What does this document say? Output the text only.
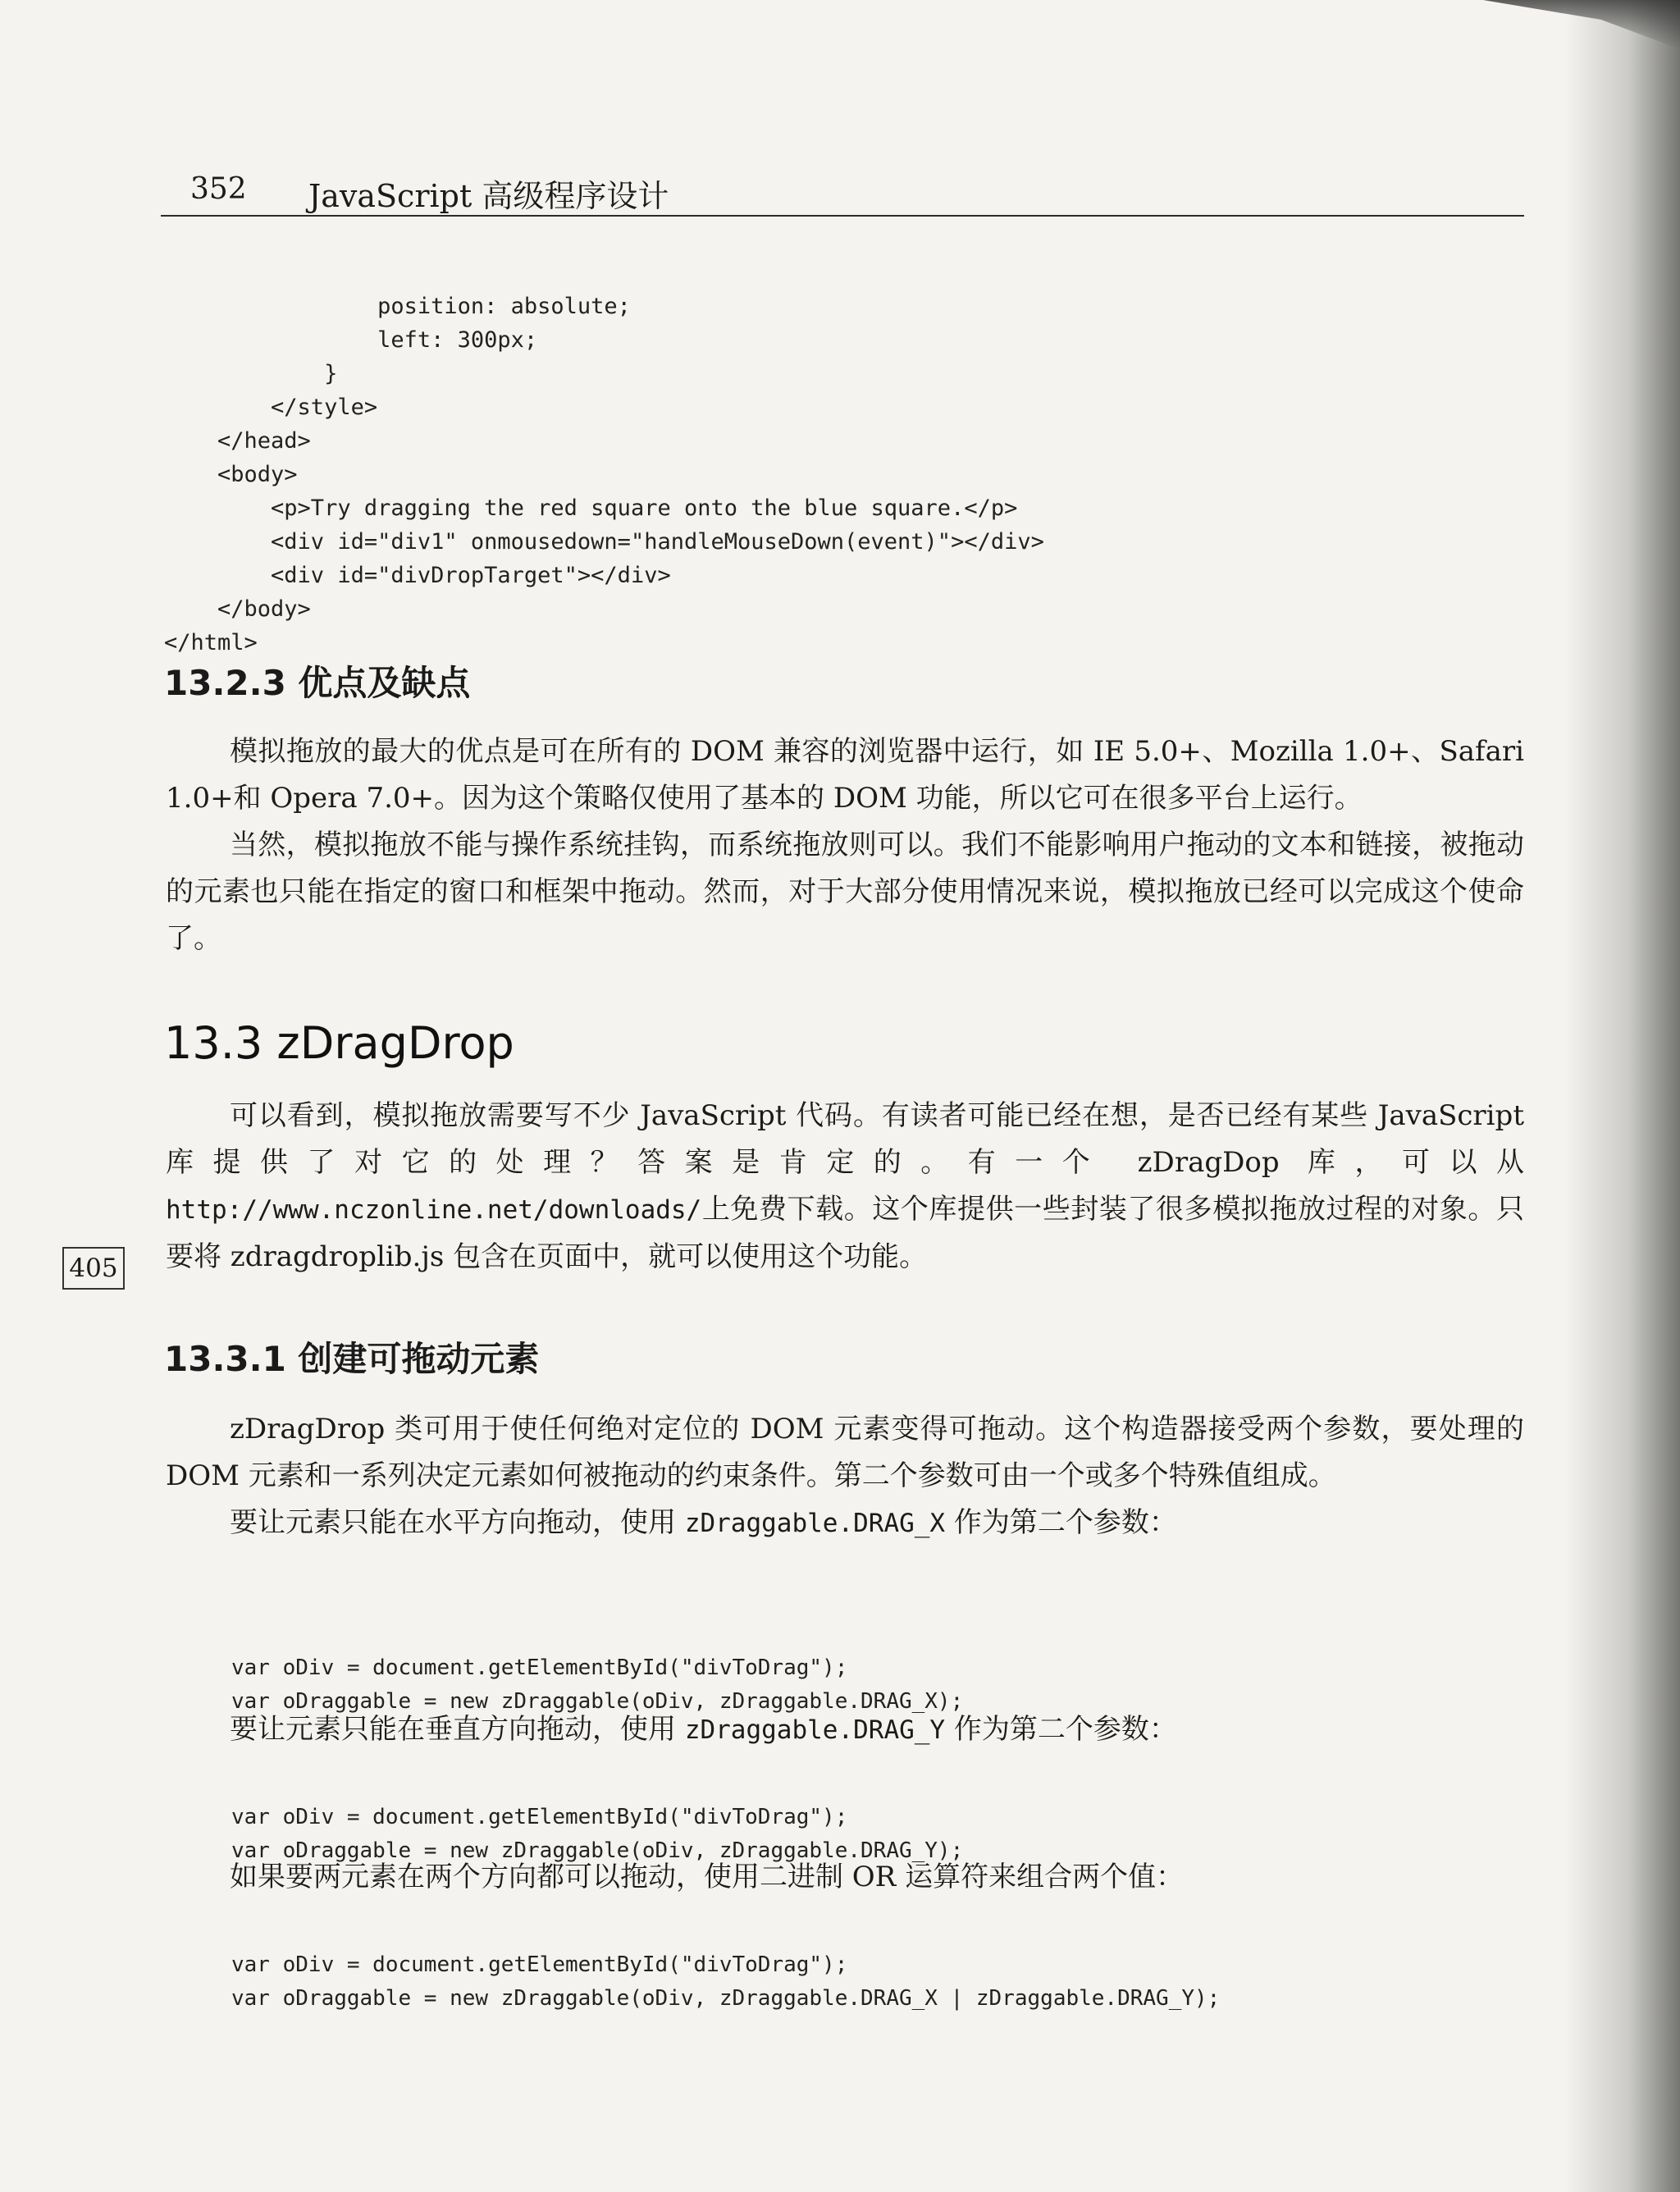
352 JavaScript 高级程序设计

position: absolute;
left: 300px;
}
</style>
</head>
<body>
<p>Try dragging the red square onto the blue square.</p>
<div id="div1" onmousedown="handleMouseDown(event)"></div>
<div id="divDropTarget"></div>
</body>
</html>

13.2.3 优点及缺点

模拟拖放的最大的优点是可在所有的 DOM 兼容的浏览器中运行，如 IE 5.0+、Mozilla 1.0+、Safari 1.0+和 Opera 7.0+。因为这个策略仅使用了基本的 DOM 功能，所以它可在很多平台上运行。

当然，模拟拖放不能与操作系统挂钩，而系统拖放则可以。我们不能影响用户拖动的文本和链接，被拖动的元素也只能在指定的窗口和框架中拖动。然而，对于大部分使用情况来说，模拟拖放已经可以完成这个使命了。

13.3 zDragDrop

可以看到，模拟拖放需要写不少 JavaScript 代码。有读者可能已经在想，是否已经有某些 JavaScript 库提供了对它的处理？答案是肯定的。有一个 zDragDop 库，可以从 http://www.nczonline.net/downloads/上免费下载。这个库提供一些封装了很多模拟拖放过程的对象。只要将 zdragdroplib.js 包含在页面中，就可以使用这个功能。

405
13.3.1 创建可拖动元素

zDragDrop 类可用于使任何绝对定位的 DOM 元素变得可拖动。这个构造器接受两个参数，要处理的 DOM 元素和一系列决定元素如何被拖动的约束条件。第二个参数可由一个或多个特殊值组成。

要让元素只能在水平方向拖动，使用 zDraggable.DRAG_X 作为第二个参数：

var oDiv = document.getElementById("divToDrag");
var oDraggable = new zDraggable(oDiv, zDraggable.DRAG_X);

要让元素只能在垂直方向拖动，使用 zDraggable.DRAG_Y 作为第二个参数：

var oDiv = document.getElementById("divToDrag");
var oDraggable = new zDraggable(oDiv, zDraggable.DRAG_Y);

如果要两元素在两个方向都可以拖动，使用二进制 OR 运算符来组合两个值：

var oDiv = document.getElementById("divToDrag");
var oDraggable = new zDraggable(oDiv, zDraggable.DRAG_X | zDraggable.DRAG_Y);
